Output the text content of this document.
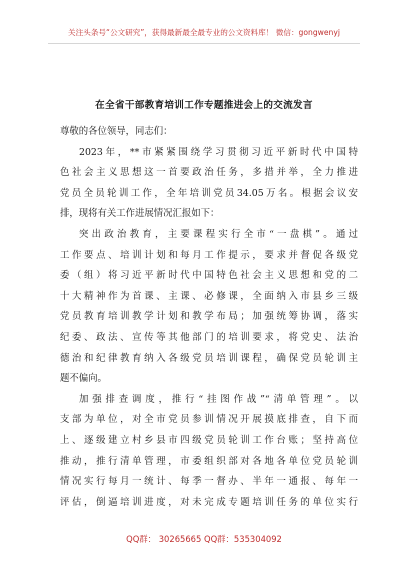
关注头条号“公文研究”，获得最新最全最专业的公文资料库！ 微信：gongwenyj
在全省干部教育培训工作专题推进会上的交流发言
尊敬的各位领导，同志们：
2023年，**市紧紧围绕学习贯彻习近平新时代中国特
色社会主义思想这一首要政治任务，多措并举，全力推进
党员全员轮训工作，全年培训党员34.05万名。根据会议安
排，现将有关工作进展情况汇报如下：
突出政治教育，主要课程实行全市“一盘棋”。通过
工作要点、培训计划和每月工作提示，要求并督促各级党
委（组）将习近平新时代中国特色社会主义思想和党的二
十大精神作为首课、主课、必修课，全面纳入市县乡三级
党员教育培训教学计划和教学布局；加强统筹协调，落实
纪委、政法、宣传等其他部门的培训要求，将党史、法治
德治和纪律教育纳入各级党员培训课程，确保党员轮训主
题不偏向。
加强排查调度，推行“挂图作战”“清单管理”。以
支部为单位，对全市党员参训情况开展摸底排查，自下而
上、逐级建立村乡县市四级党员轮训工作台账；坚持高位
推动，推行清单管理，市委组织部对各地各单位党员轮训
情况实行每月一统计、每季一督办、半年一通报、每年一
评估，倒逼培训进度，对未完成专题培训任务的单位实行
QQ群： 30265665 QQ群：535304092
